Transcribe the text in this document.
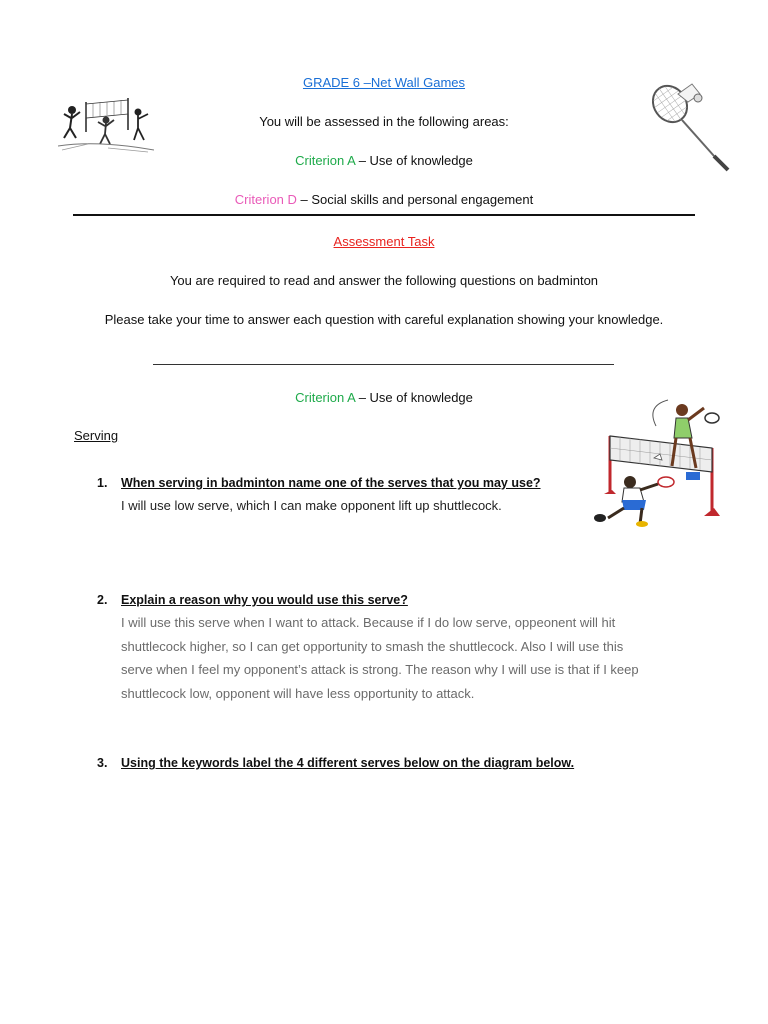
GRADE 6 –Net Wall Games
You will be assessed in the following areas:
Criterion A – Use of knowledge
Criterion D – Social skills and personal engagement
Assessment Task
You are required to read and answer the following questions on badminton
Please take your time to answer each question with careful explanation showing your knowledge.
Criterion A – Use of knowledge
Serving
1. When serving in badminton name one of the serves that you may use?
I will use low serve, which I can make opponent lift up shuttlecock.
2. Explain a reason why you would use this serve?
I will use this serve when I want to attack. Because if I do low serve, oppeonent will hit
shuttlecock higher, so I can get opportunity to smash the shuttlecock. Also I will use this
serve when I feel my opponent’s attack is strong. The reason why I will use is that if I keep
shuttlecock low, opponent will have less opportunity to attack.
3. Using the keywords label the 4 different serves below on the diagram below.
